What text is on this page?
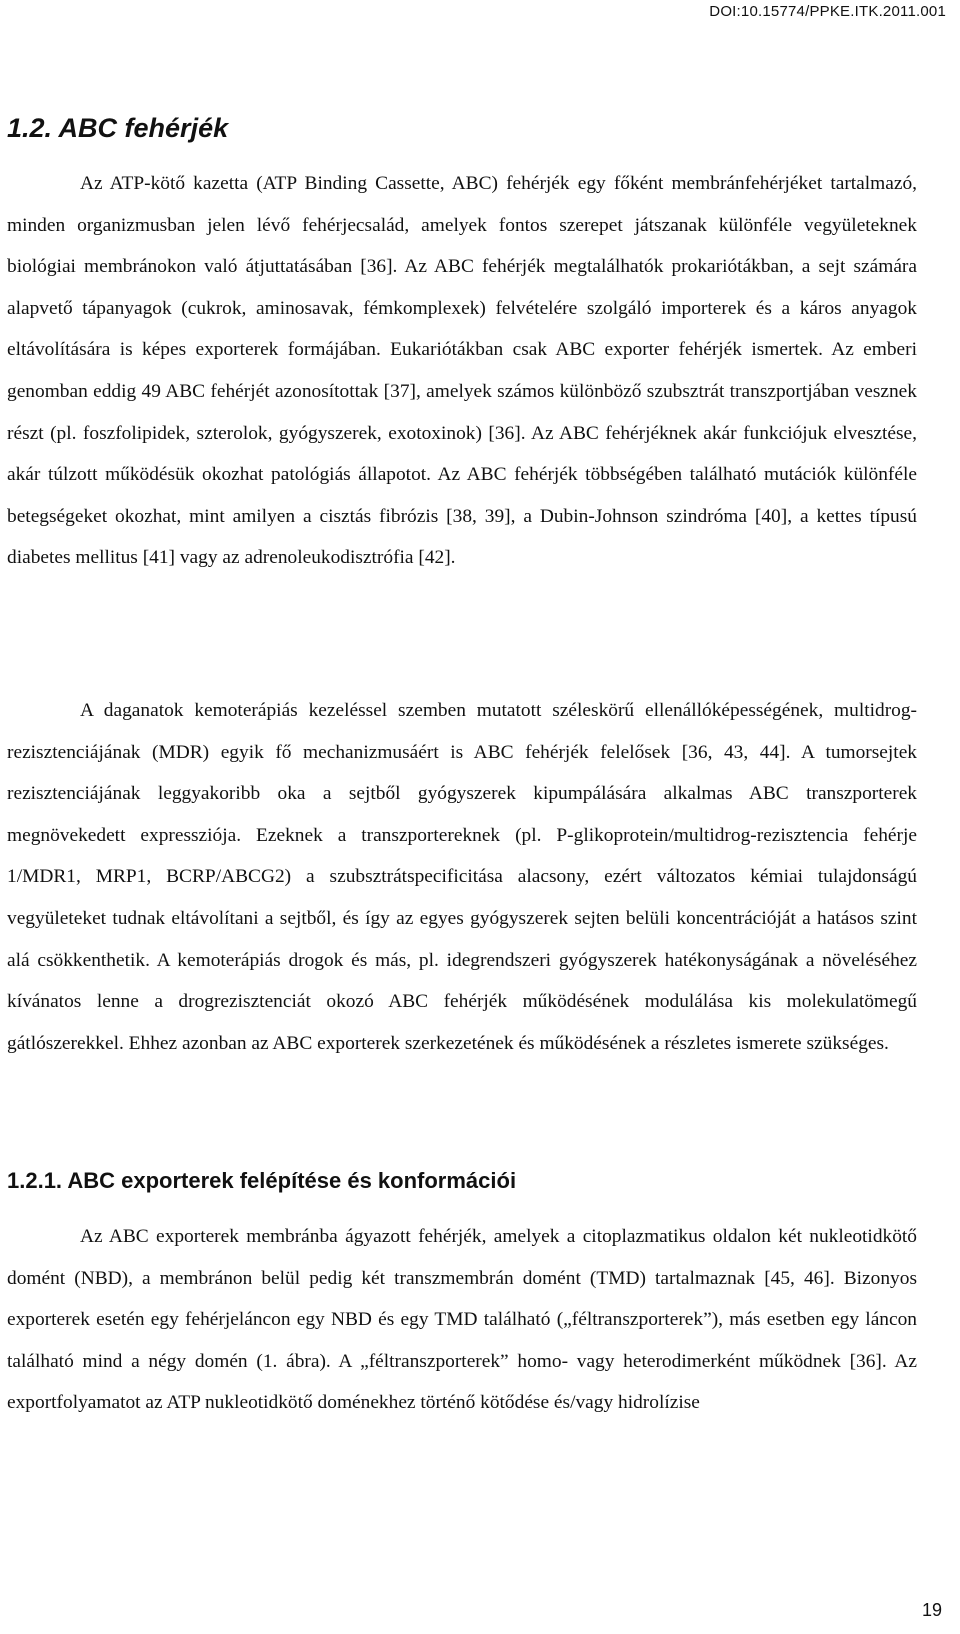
DOI:10.15774/PPKE.ITK.2011.001
1.2. ABC fehérjék

Az ATP-kötő kazetta (ATP Binding Cassette, ABC) fehérjék egy főként membránfehérjéket tartalmazó, minden organizmusban jelen lévő fehérjecsalád, amelyek fontos szerepet játszanak különféle vegyületeknek biológiai membránokon való átjuttatásában [36]. Az ABC fehérjék megtalálhatók prokariótákban, a sejt számára alapvető tápanyagok (cukrok, aminosavak, fémkomplexek) felvételére szolgáló importerek és a káros anyagok eltávolítására is képes exporterek formájában. Eukariótákban csak ABC exporter fehérjék ismertek. Az emberi genomban eddig 49 ABC fehérjét azonosítottak [37], amelyek számos különböző szubsztrát transzportjában vesznek részt (pl. foszfolipidek, szterolok, gyógyszerek, exotoxinok) [36]. Az ABC fehérjéknek akár funkciójuk elvesztése, akár túlzott működésük okozhat patológiás állapotot. Az ABC fehérjék többségében található mutációk különféle betegségeket okozhat, mint amilyen a cisztás fibrózis [38, 39], a Dubin-Johnson szindróma [40], a kettes típusú diabetes mellitus [41] vagy az adrenoleukodisztrófia [42].

A daganatok kemoterápiás kezeléssel szemben mutatott széleskörű ellenállóképességének, multidrog-rezisztenciájának (MDR) egyik fő mechanizmusáért is ABC fehérjék felelősek [36, 43, 44]. A tumorsejtek rezisztenciájának leggyakoribb oka a sejtből gyógyszerek kipumpálására alkalmas ABC transzporterek megnövekedett expressziója. Ezeknek a transzportereknek (pl. P-glikoprotein/multidrog-rezisztencia fehérje 1/MDR1, MRP1, BCRP/ABCG2) a szubsztrátspecificitása alacsony, ezért változatos kémiai tulajdonságú vegyületeket tudnak eltávolítani a sejtből, és így az egyes gyógyszerek sejten belüli koncentrációját a hatásos szint alá csökkenthetik. A kemoterápiás drogok és más, pl. idegrendszeri gyógyszerek hatékonyságának a növeléséhez kívánatos lenne a drogrezisztenciát okozó ABC fehérjék működésének modulálása kis molekulatömegű gátlószerekkel. Ehhez azonban az ABC exporterek szerkezetének és működésének a részletes ismerete szükséges.

1.2.1. ABC exporterek felépítése és konformációi

Az ABC exporterek membránba ágyazott fehérjék, amelyek a citoplazmatikus oldalon két nukleotidkötő domént (NBD), a membránon belül pedig két transzmembrán domént (TMD) tartalmaznak [45, 46]. Bizonyos exporterek esetén egy fehérjeláncon egy NBD és egy TMD található („féltranszporterek”), más esetben egy láncon található mind a négy domén (1. ábra). A „féltranszporterek” homo- vagy heterodimerként működnek [36]. Az exportfolyamatot az ATP nukleotidkötő doménekhez történő kötődése és/vagy hidrolízise

19
